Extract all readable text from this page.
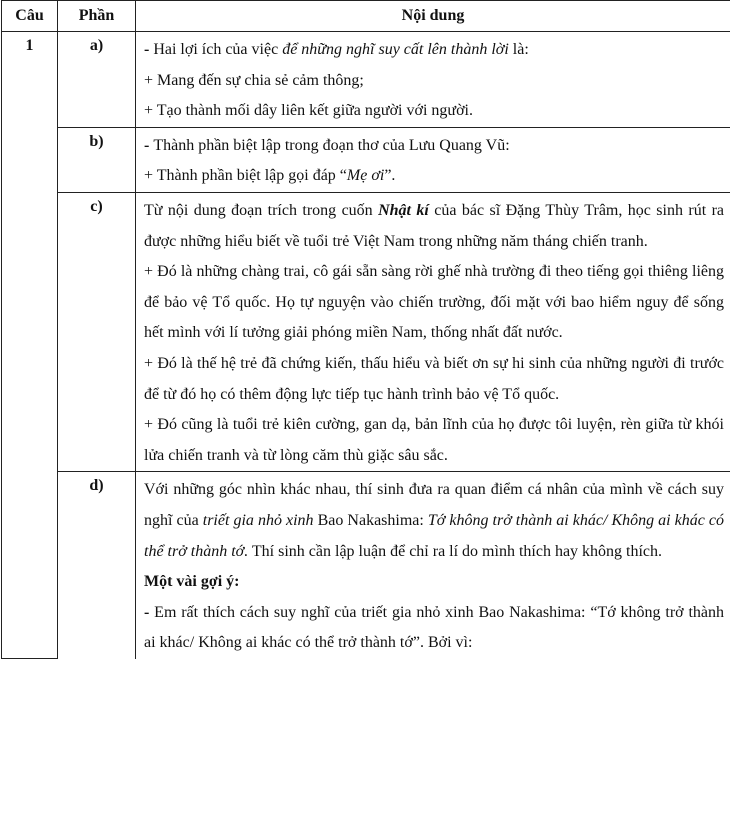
Câu	Phần	Nội dung
1	a)	- Hai lợi ích của việc để những nghĩ suy cất lên thành lời là:

+ Mang đến sự chia sẻ cảm thông;

+ Tạo thành mối dây liên kết giữa người với người.

	b)	- Thành phần biệt lập trong đoạn thơ của Lưu Quang Vũ:

+ Thành phần biệt lập gọi đáp “Mẹ ơi”.

	c)	Từ nội dung đoạn trích trong cuốn Nhật kí của bác sĩ Đặng Thùy Trâm, học sinh rút ra được những hiểu biết về tuổi trẻ Việt Nam trong những năm tháng chiến tranh.

+ Đó là những chàng trai, cô gái sẵn sàng rời ghế nhà trường đi theo tiếng gọi thiêng liêng để bảo vệ Tổ quốc. Họ tự nguyện vào chiến trường, đối mặt với bao hiểm nguy để sống hết mình với lí tưởng giải phóng miền Nam, thống nhất đất nước.

+ Đó là thế hệ trẻ đã chứng kiến, thấu hiểu và biết ơn sự hi sinh của những người đi trước để từ đó họ có thêm động lực tiếp tục hành trình bảo vệ Tổ quốc.

+ Đó cũng là tuổi trẻ kiên cường, gan dạ, bản lĩnh của họ được tôi luyện, rèn giữa từ khói lửa chiến tranh và từ lòng căm thù giặc sâu sắc.

	d)	Với những góc nhìn khác nhau, thí sinh đưa ra quan điểm cá nhân của mình về cách suy nghĩ của triết gia nhỏ xinh Bao Nakashima: Tớ không trở thành ai khác/ Không ai khác có thể trở thành tớ. Thí sinh cần lập luận để chỉ ra lí do mình thích hay không thích.

Một vài gợi ý:

- Em rất thích cách suy nghĩ của triết gia nhỏ xinh Bao Nakashima: “Tớ không trở thành ai khác/ Không ai khác có thể trở thành tớ”. Bởi vì:
